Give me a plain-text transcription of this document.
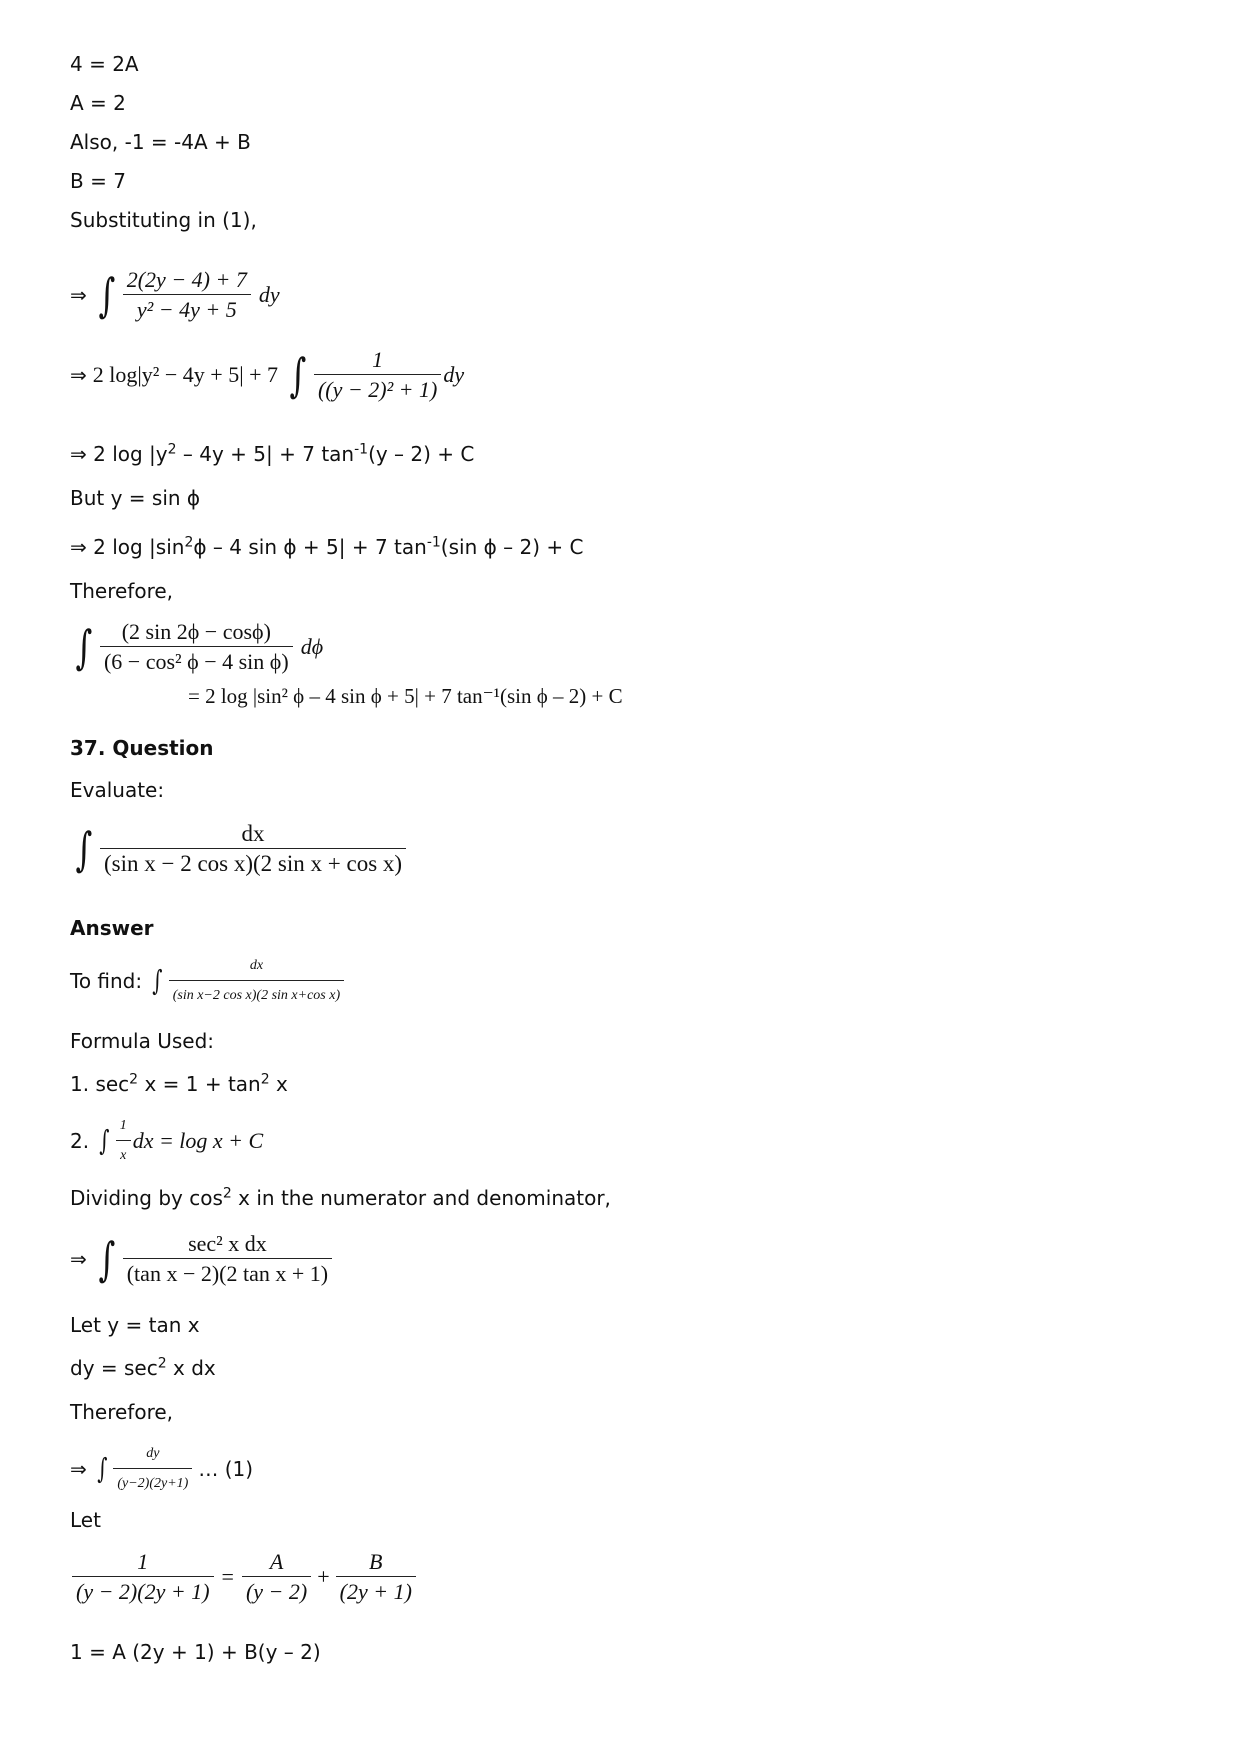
4 = 2A
A = 2
Also, -1 = -4A + B
B = 7
Substituting in (1),
⇒ ∫ $\frac{2(2y - 4) + 7}{\text{y² − 4y + 5}}$ dy
⇒ 2 log|y² − 4y + 5| + 7 ∫ $\frac{1}{\text{((y − 2)² + 1)}}$ dy
⇒ 2 $\log |y^2 - 4y + 5| + 7$ $\tan^{-1}(y - 2) + C$
But y = sin ϕ
⇒ 2 $\log |\sin^2\phi - 4$ sin ϕ + 5| + 7 $\tan^{-1}(\sin$ ϕ – 2) + C
Therefore,
∫ $\frac{(2 \sin 2\phi - \cos\phi)}{\text{(6 − cos² ϕ − 4 sin ϕ)}}$ dϕ
= 2 log |sin² ϕ – 4 sin ϕ + 5| + 7 tan⁻¹(sin ϕ – 2) + C
37. Question
Evaluate:
∫ $\frac{dx}{\text{(sin x − 2 cos x)(2 sin x + cos x)}}$
Answer
To find: ∫ $\frac{dx}{\text{(sin x−2 cos x)(2 sin x+cos x)}}$
Formula Used:
1. $\sec^2 x = 1 + \tan^2 x$
2. ∫ $\frac{1}{x}$ dx = log x + C
Dividing by $\cos^2 x$ in the numerator and denominator,
⇒ ∫ $\frac{\text{sec² x dx}}{\text{(tan x − 2)(2 tan x + 1)}}$
Let y = tan x
dy = $\sec^2 x$ dx
Therefore,
⇒ ∫ $\frac{dy}{(y-2)(2y+1)}$ … (1)
Let
$\frac{1}{(y - 2)(2y + 1)} = \frac{A}{(y - 2)} + \frac{B}{(2y + 1)}$
1 = A (2y + 1) + B(y – 2)
